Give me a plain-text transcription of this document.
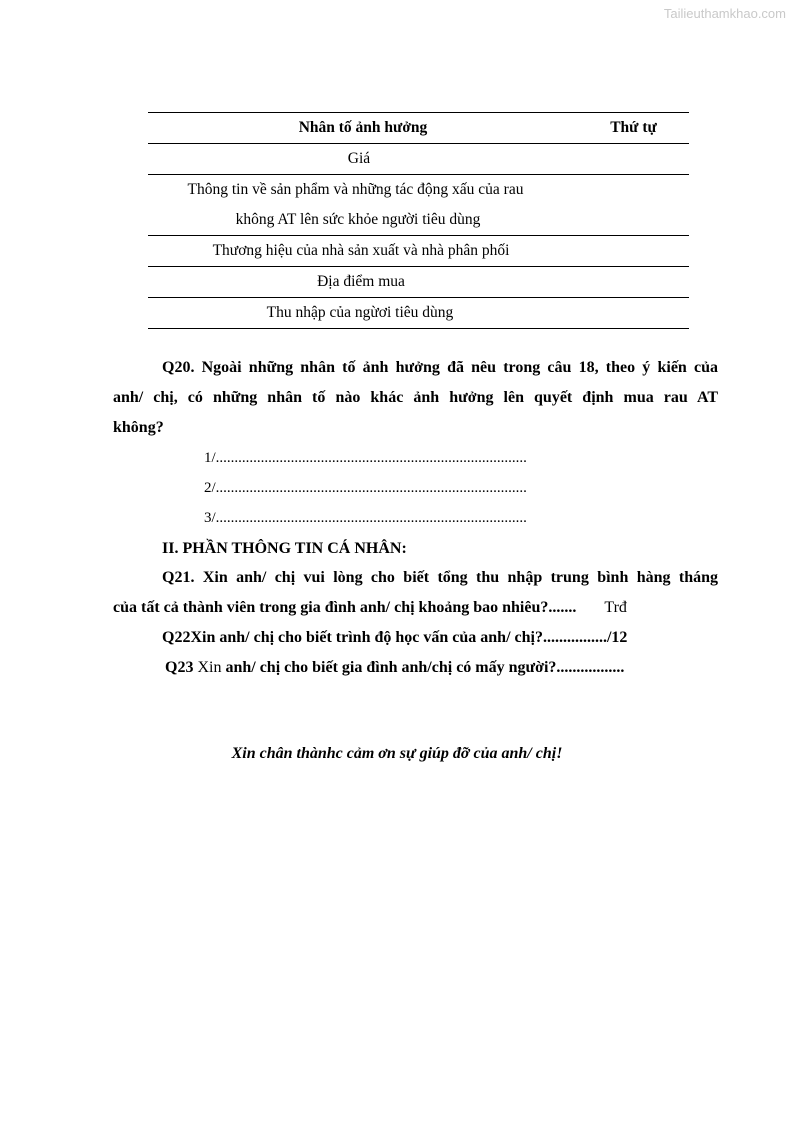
Tailieuthamkhao.com
Nhân tố ảnh hưởng	Thứ tự
Giá	

Thông tin về sản phẩm và những tác động xấu của rau
không AT lên sức khỏe người tiêu dùng	

Thương hiệu của nhà sản xuất và nhà phân phối	
Địa điểm mua	
Thu nhập của ngừơi tiêu dùng	
Q20. Ngoài những nhân tố ảnh hưởng đã nêu trong câu 18, theo ý kiến của
anh/ chị, có những nhân tố nào khác ảnh hưởng lên quyết định mua rau AT
không?
1/...................................................................................
2/...................................................................................
3/...................................................................................
II. PHẦN THÔNG TIN CÁ NHÂN:
Q21. Xin anh/ chị vui lòng cho biết tổng thu nhập trung bình hàng tháng
của tất cả thành viên trong gia đình anh/ chị khoảng bao nhiêu?....... Trđ
Q22Xin anh/ chị cho biết trình độ học vấn của anh/ chị?................/12
Q23 Xin anh/ chị cho biết gia đình anh/chị có mấy người?.................
Xin chân thànhc cảm ơn sự giúp đỡ của anh/ chị!
